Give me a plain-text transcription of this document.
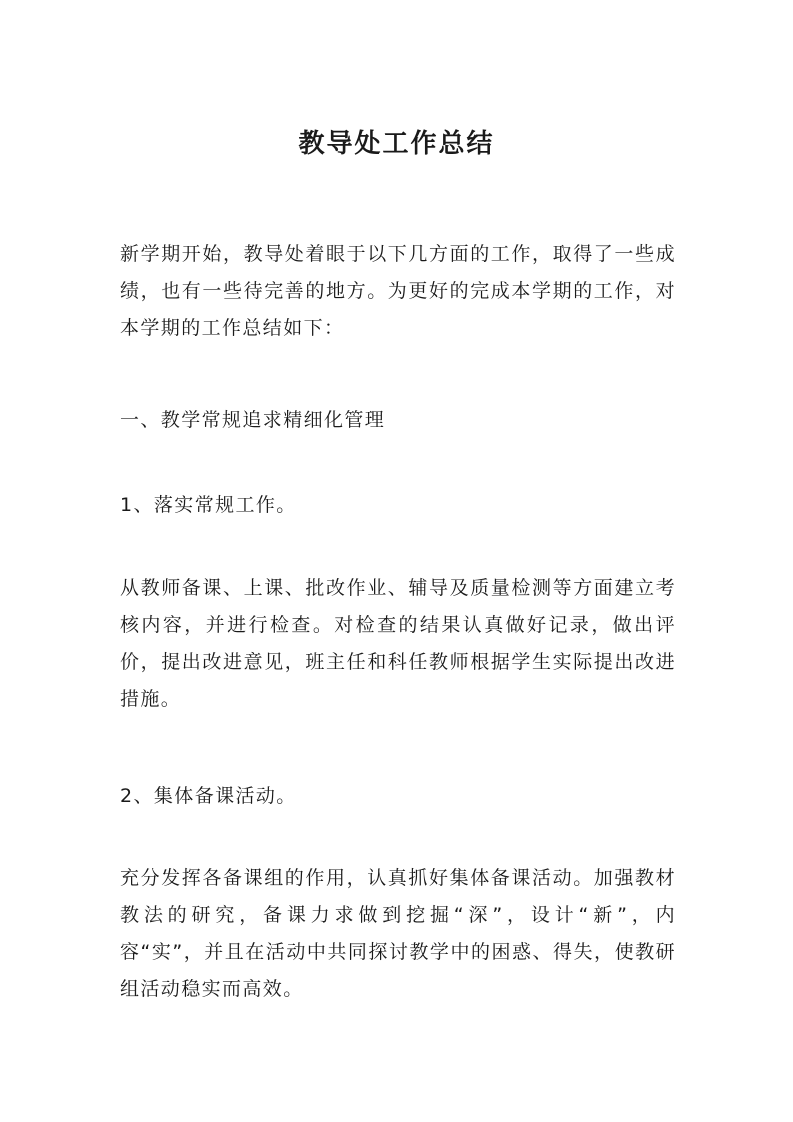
教导处工作总结

新学期开始，教导处着眼于以下几方面的工作，取得了一些成绩，也有一些待完善的地方。为更好的完成本学期的工作，对本学期的工作总结如下：

一、教学常规追求精细化管理

1、落实常规工作。

从教师备课、上课、批改作业、辅导及质量检测等方面建立考核内容，并进行检查。对检查的结果认真做好记录，做出评价，提出改进意见，班主任和科任教师根据学生实际提出改进措施。

2、集体备课活动。

充分发挥各备课组的作用，认真抓好集体备课活动。加强教材教法的研究，备课力求做到挖掘“深”，设计“新”，内容“实”，并且在活动中共同探讨教学中的困惑、得失，使教研组活动稳实而高效。
